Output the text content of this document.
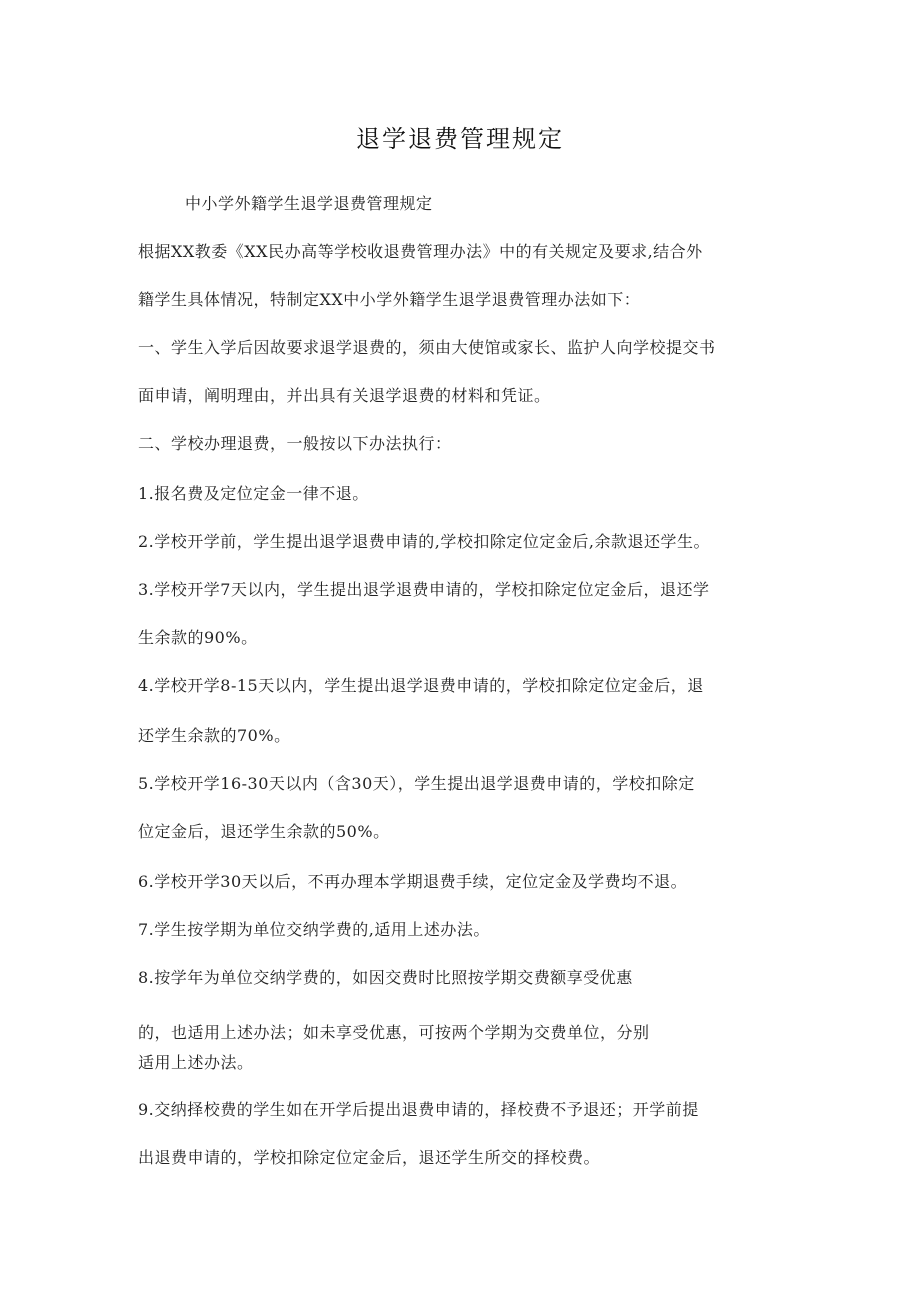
退学退费管理规定
中小学外籍学生退学退费管理规定
根据XX教委《XX民办高等学校收退费管理办法》中的有关规定及要求,结合外
籍学生具体情况，特制定XX中小学外籍学生退学退费管理办法如下：
一、学生入学后因故要求退学退费的，须由大使馆或家长、监护人向学校提交书
面申请，阐明理由，并出具有关退学退费的材料和凭证。
二、学校办理退费，一般按以下办法执行：
1.报名费及定位定金一律不退。
2.学校开学前，学生提出退学退费申请的,学校扣除定位定金后,余款退还学生。
3.学校开学7天以内，学生提出退学退费申请的，学校扣除定位定金后，退还学
生余款的90%。
4.学校开学8-15天以内，学生提出退学退费申请的，学校扣除定位定金后，退
还学生余款的70%。
5.学校开学16-30天以内（含30天），学生提出退学退费申请的，学校扣除定
位定金后，退还学生余款的50%。
6.学校开学30天以后，不再办理本学期退费手续，定位定金及学费均不退。
7.学生按学期为单位交纳学费的,适用上述办法。
8.按学年为单位交纳学费的，如因交费时比照按学期交费额享受优惠
的，也适用上述办法；如未享受优惠，可按两个学期为交费单位，分别
适用上述办法。
9.交纳择校费的学生如在开学后提出退费申请的，择校费不予退还；开学前提
出退费申请的，学校扣除定位定金后，退还学生所交的择校费。
